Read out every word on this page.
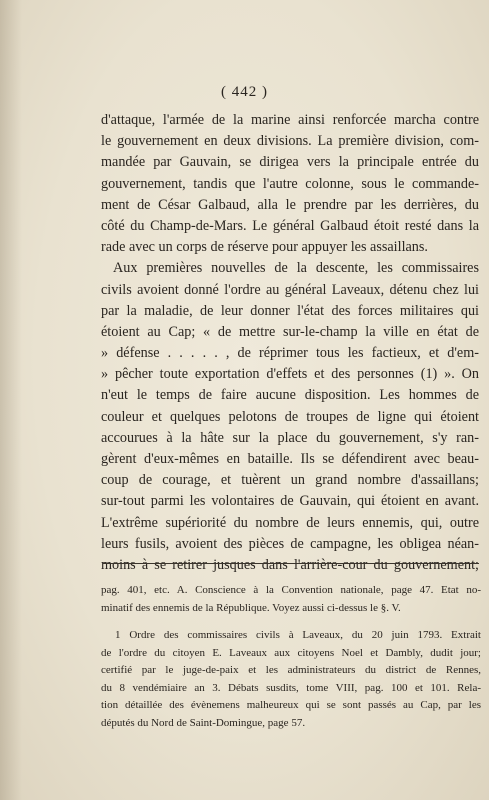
( 442 )
d'attaque, l'armée de la marine ainsi renforcée marcha contre
le gouvernement en deux divisions. La première division, com-
mandée par Gauvain, se dirigea vers la principale entrée du
gouvernement, tandis que l'autre colonne, sous le commande-
ment de César Galbaud, alla le prendre par les derrières, du
côté du Champ-de-Mars. Le général Galbaud étoit resté dans la
rade avec un corps de réserve pour appuyer les assaillans.
Aux premières nouvelles de la descente, les commissaires
civils avoient donné l'ordre au général Laveaux, détenu chez lui
par la maladie, de leur donner l'état des forces militaires qui
étoient au Cap; « de mettre sur-le-champ la ville en état de
» défense . . . . . , de réprimer tous les factieux, et d'em-
» pêcher toute exportation d'effets et des personnes (1) ». On
n'eut le temps de faire aucune disposition. Les hommes de
couleur et quelques pelotons de troupes de ligne qui étoient
accourues à la hâte sur la place du gouvernement, s'y ran-
gèrent d'eux-mêmes en bataille. Ils se défendirent avec beau-
coup de courage, et tuèrent un grand nombre d'assaillans;
sur-tout parmi les volontaires de Gauvain, qui étoient en avant.
L'extrême supériorité du nombre de leurs ennemis, qui, outre
leurs fusils, avoient des pièces de campagne, les obligea néan-
moins à se retirer jusques dans l'arrière-cour du gouvernement;
pag. 401, etc. A. Conscience à la Convention nationale, page 47. Etat no-
minatif des ennemis de la République. Voyez aussi ci-dessus le §. V.
1 Ordre des commissaires civils à Laveaux, du 20 juin 1793. Extrait
de l'ordre du citoyen E. Laveaux aux citoyens Noel et Dambly, dudit jour;
certifié par le juge-de-paix et les administrateurs du district de Rennes,
du 8 vendémiaire an 3. Débats susdits, tome VIII, pag. 100 et 101. Rela-
tion détaillée des évènemens malheureux qui se sont passés au Cap, par les
députés du Nord de Saint-Domingue, page 57.
